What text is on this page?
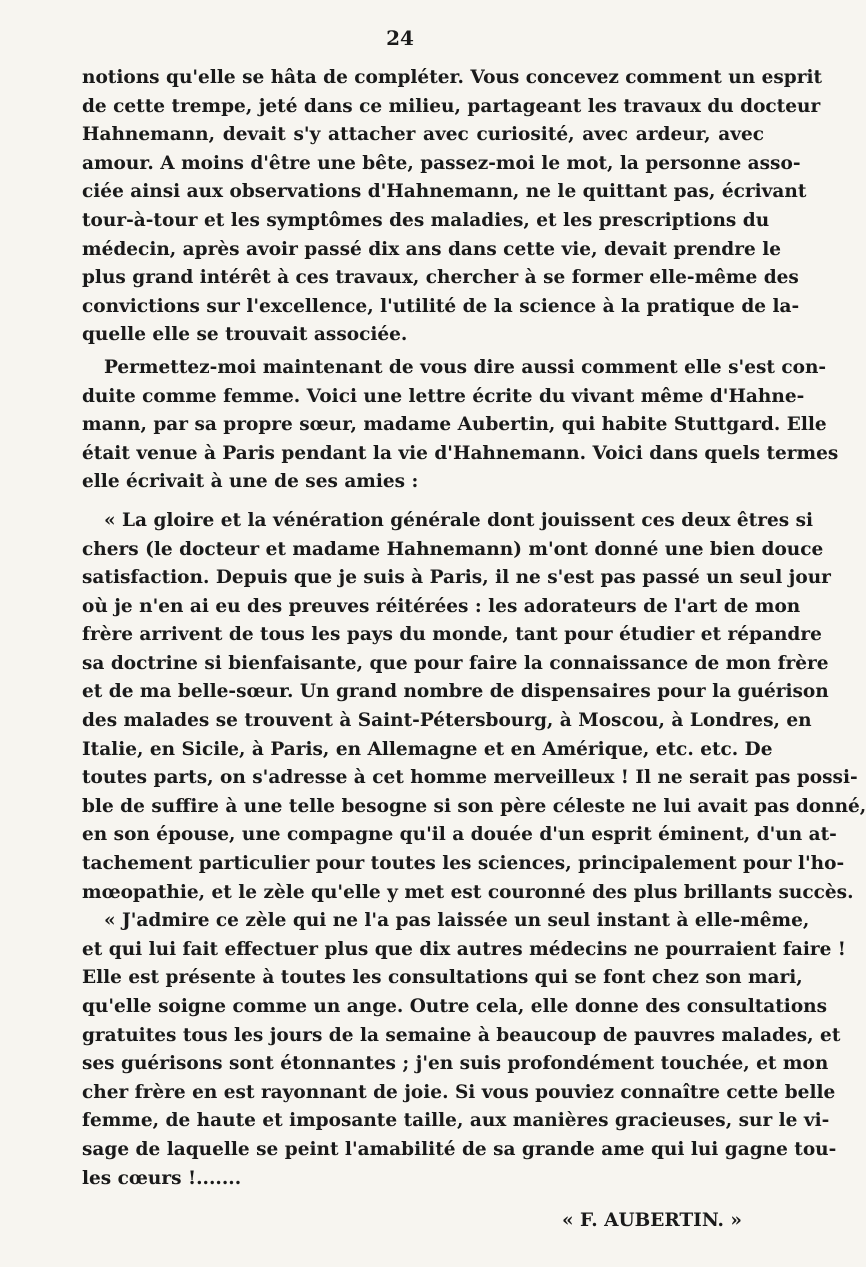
24
notions qu'elle se hâta de compléter. Vous concevez comment un esprit
de cette trempe, jeté dans ce milieu, partageant les travaux du docteur
Hahnemann, devait s'y attacher avec curiosité, avec ardeur, avec
amour. A moins d'être une bête, passez-moi le mot, la personne asso-
ciée ainsi aux observations d'Hahnemann, ne le quittant pas, écrivant
tour-à-tour et les symptômes des maladies, et les prescriptions du
médecin, après avoir passé dix ans dans cette vie, devait prendre le
plus grand intérêt à ces travaux, chercher à se former elle-même des
convictions sur l'excellence, l'utilité de la science à la pratique de la-
quelle elle se trouvait associée.
Permettez-moi maintenant de vous dire aussi comment elle s'est con-
duite comme femme. Voici une lettre écrite du vivant même d'Hahne-
mann, par sa propre sœur, madame Aubertin, qui habite Stuttgard. Elle
était venue à Paris pendant la vie d'Hahnemann. Voici dans quels termes
elle écrivait à une de ses amies :
« La gloire et la vénération générale dont jouissent ces deux êtres si
chers (le docteur et madame Hahnemann) m'ont donné une bien douce
satisfaction. Depuis que je suis à Paris, il ne s'est pas passé un seul jour
où je n'en ai eu des preuves réitérées : les adorateurs de l'art de mon
frère arrivent de tous les pays du monde, tant pour étudier et répandre
sa doctrine si bienfaisante, que pour faire la connaissance de mon frère
et de ma belle-sœur. Un grand nombre de dispensaires pour la guérison
des malades se trouvent à Saint-Pétersbourg, à Moscou, à Londres, en
Italie, en Sicile, à Paris, en Allemagne et en Amérique, etc. etc. De
toutes parts, on s'adresse à cet homme merveilleux ! Il ne serait pas possi-
ble de suffire à une telle besogne si son père céleste ne lui avait pas donné,
en son épouse, une compagne qu'il a douée d'un esprit éminent, d'un at-
tachement particulier pour toutes les sciences, principalement pour l'ho-
mœopathie, et le zèle qu'elle y met est couronné des plus brillants succès.
« J'admire ce zèle qui ne l'a pas laissée un seul instant à elle-même,
et qui lui fait effectuer plus que dix autres médecins ne pourraient faire !
Elle est présente à toutes les consultations qui se font chez son mari,
qu'elle soigne comme un ange. Outre cela, elle donne des consultations
gratuites tous les jours de la semaine à beaucoup de pauvres malades, et
ses guérisons sont étonnantes ; j'en suis profondément touchée, et mon
cher frère en est rayonnant de joie. Si vous pouviez connaître cette belle
femme, de haute et imposante taille, aux manières gracieuses, sur le vi-
sage de laquelle se peint l'amabilité de sa grande ame qui lui gagne tou-
les cœurs !.......
« F. AUBERTIN. »
